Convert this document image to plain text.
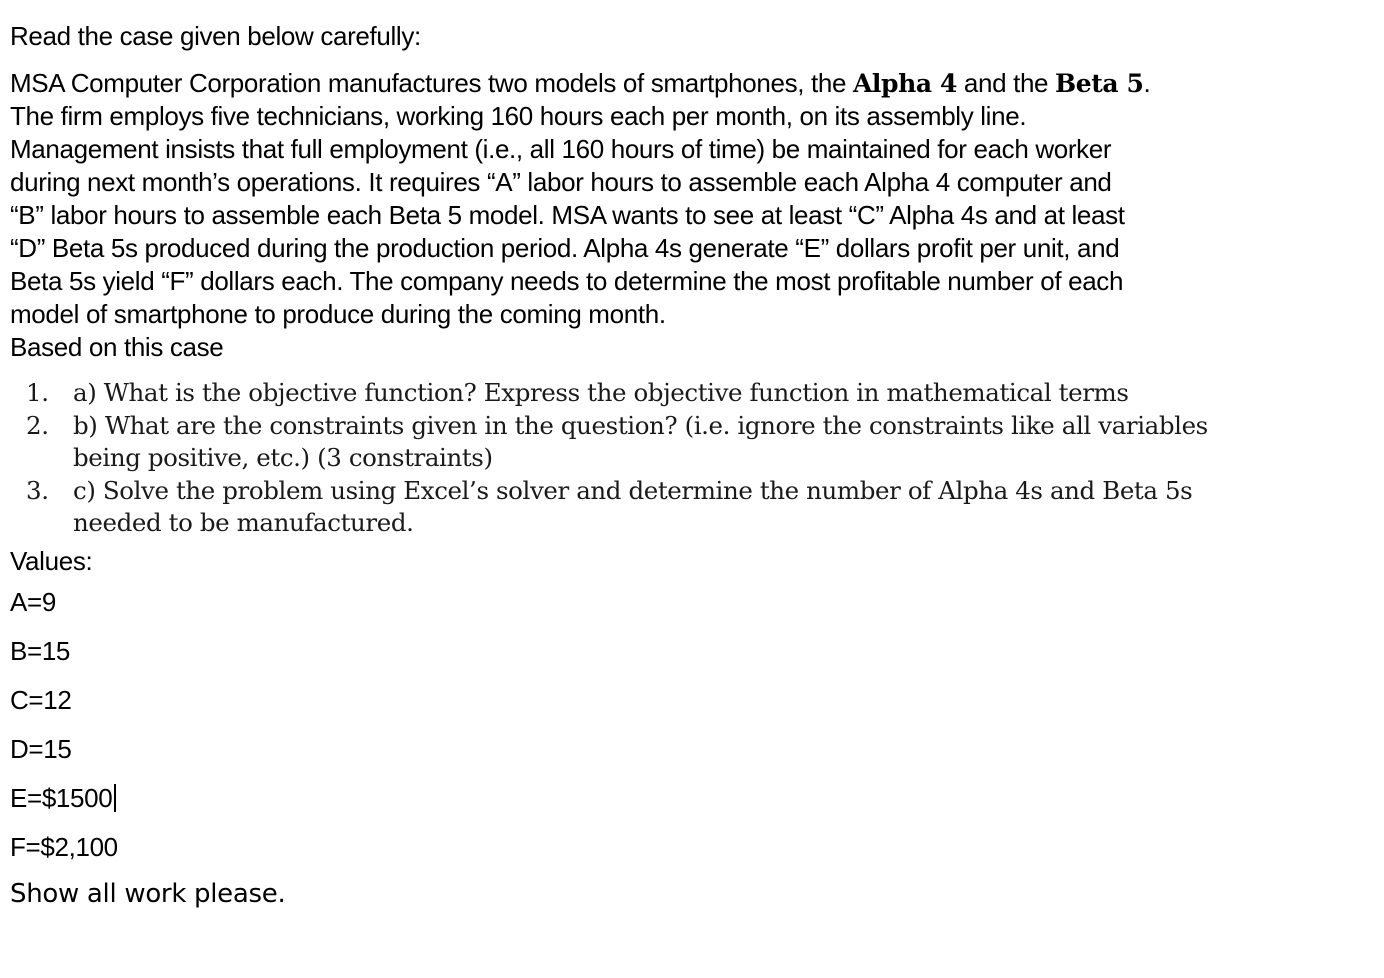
Read the case given below carefully:

MSA Computer Corporation manufactures two models of smartphones, the Alpha 4 and the Beta 5.
The firm employs five technicians, working 160 hours each per month, on its assembly line.
Management insists that full employment (i.e., all 160 hours of time) be maintained for each worker
during next month’s operations. It requires “A” labor hours to assemble each Alpha 4 computer and
“B” labor hours to assemble each Beta 5 model. MSA wants to see at least “C” Alpha 4s and at least
“D” Beta 5s produced during the production period. Alpha 4s generate “E” dollars profit per unit, and
Beta 5s yield “F” dollars each. The company needs to determine the most profitable number of each
model of smartphone to produce during the coming month.

Based on this case

1. a) What is the objective function? Express the objective function in mathematical terms
2. b) What are the constraints given in the question? (i.e. ignore the constraints like all variables
being positive, etc.) (3 constraints)
3. c) Solve the problem using Excel’s solver and determine the number of Alpha 4s and Beta 5s
needed to be manufactured.

Values:

A=9
B=15
C=12
D=15
E=$1500
F=$2,100

Show all work please.
